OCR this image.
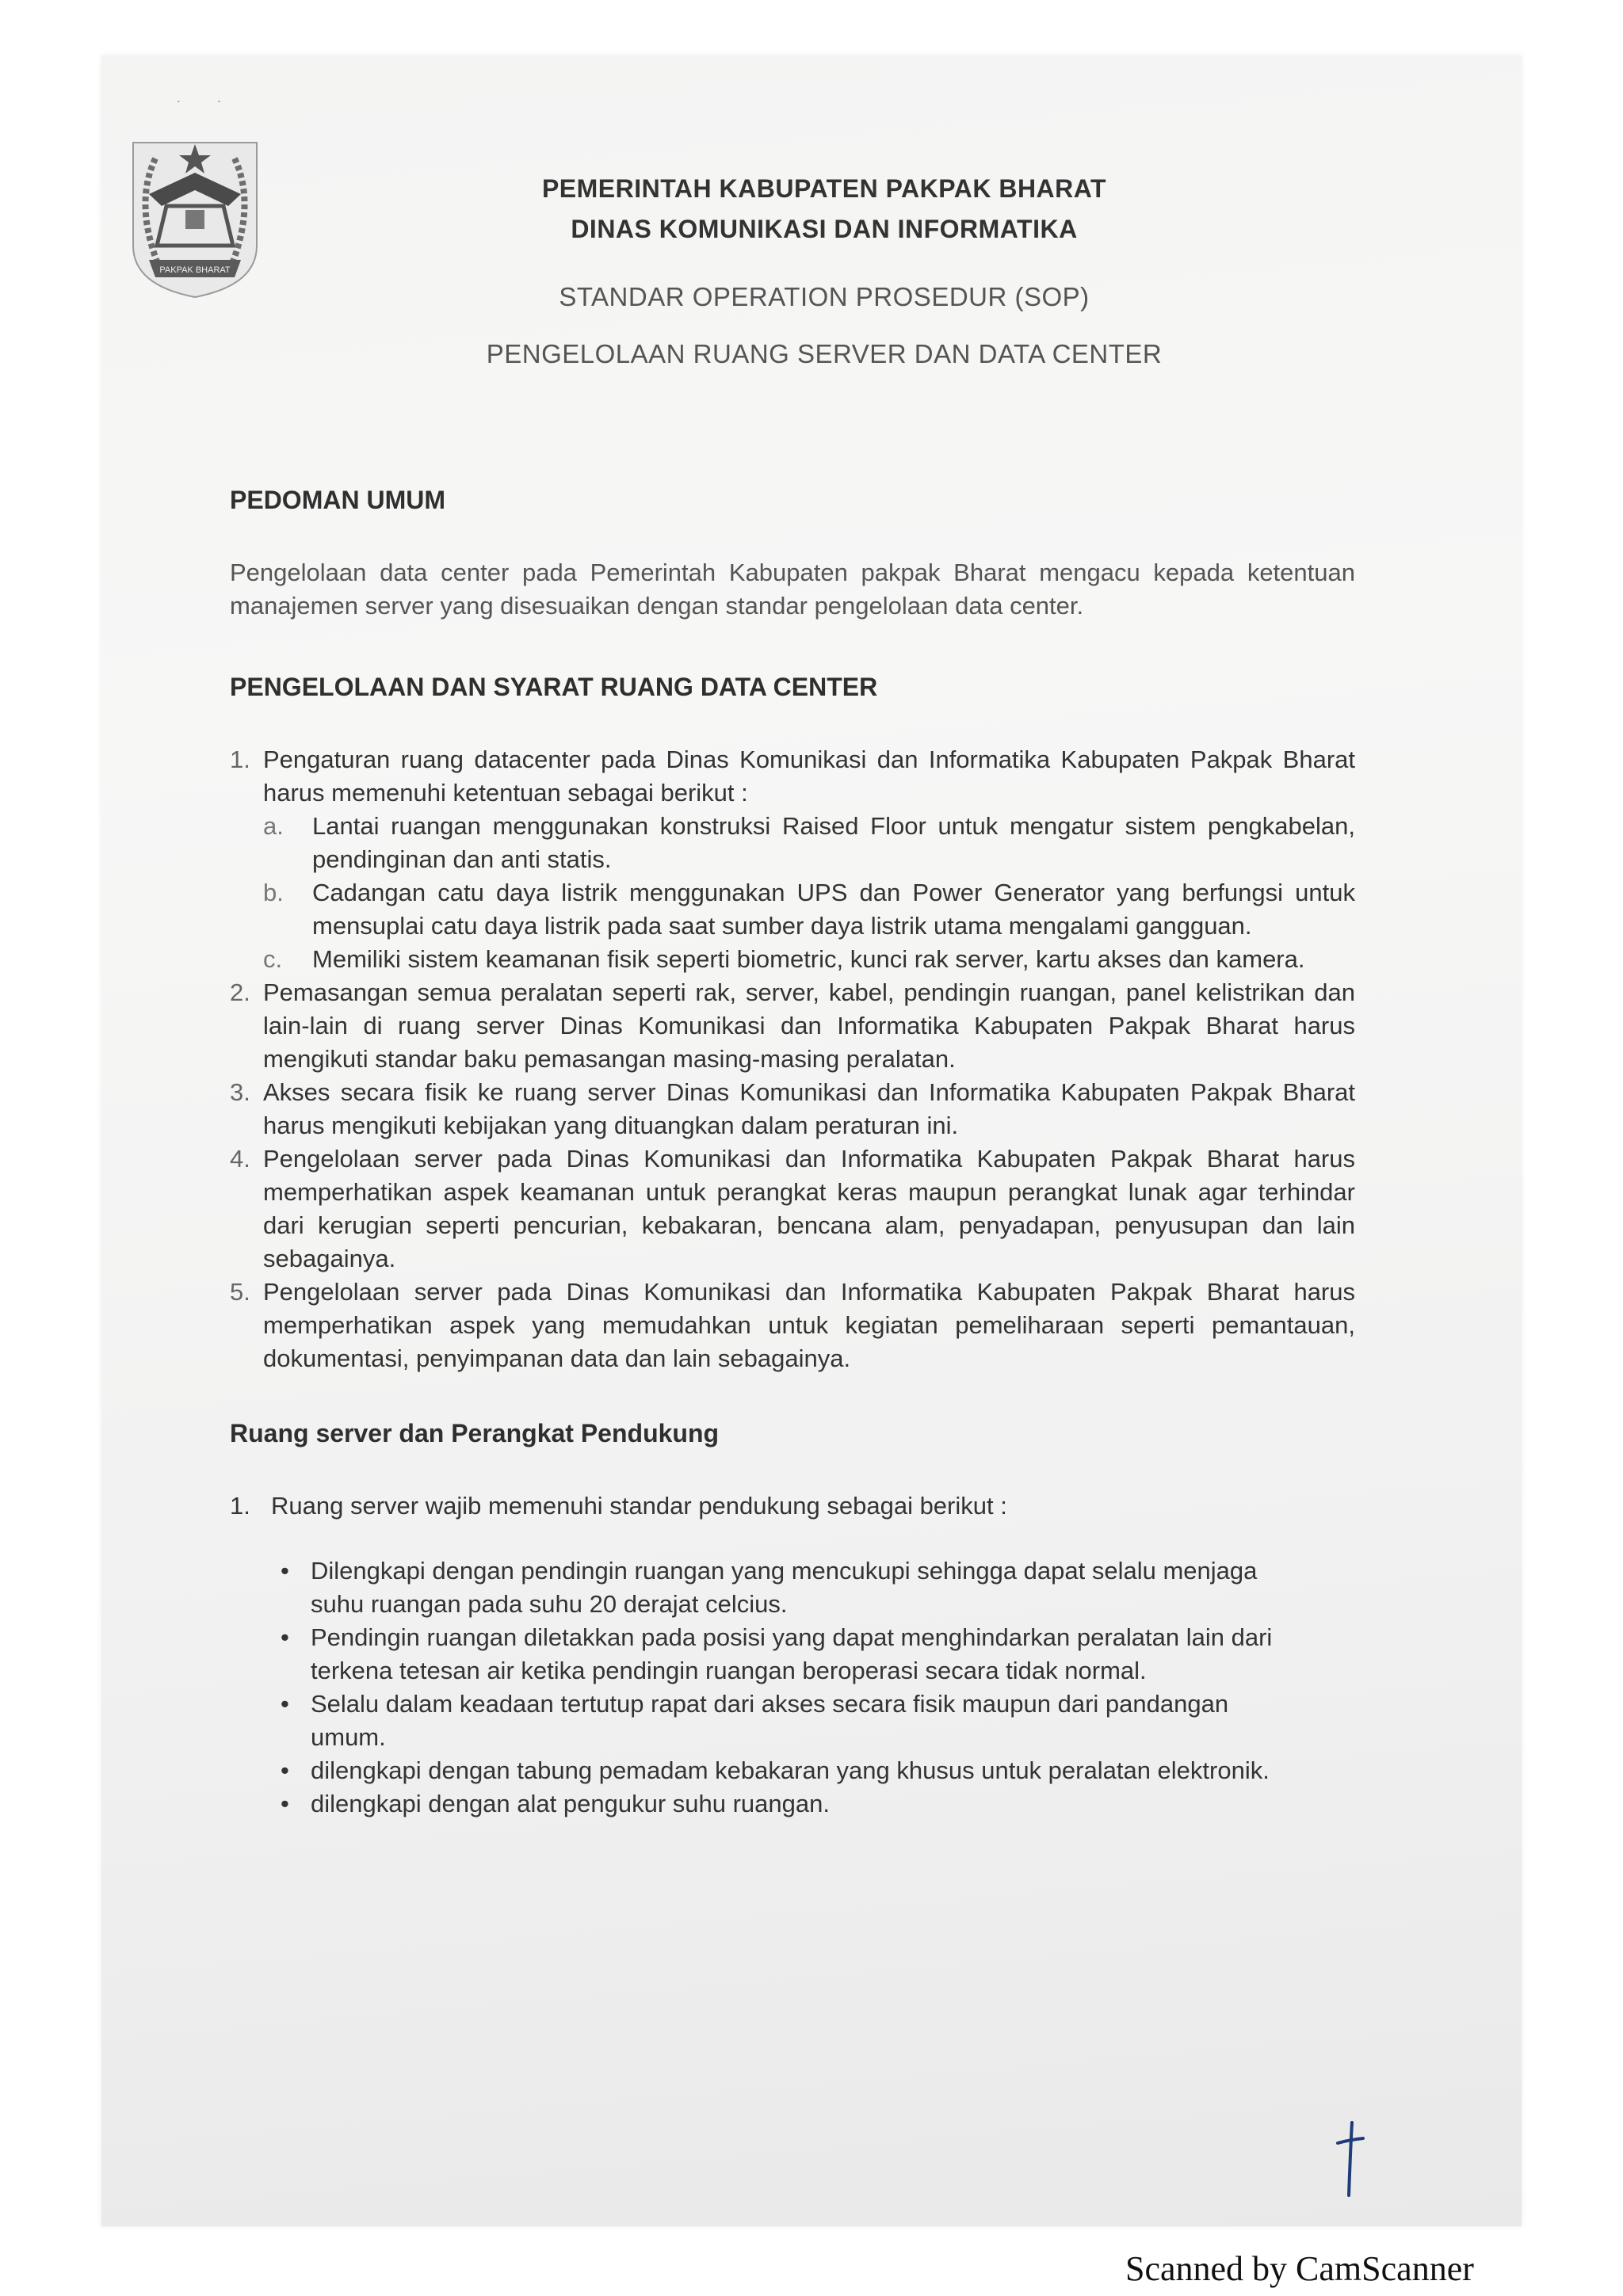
˙        ˙
PAKPAK BHARAT
PEMERINTAH KABUPATEN PAKPAK BHARAT
DINAS KOMUNIKASI DAN INFORMATIKA
STANDAR OPERATION PROSEDUR (SOP)
PENGELOLAAN RUANG SERVER DAN DATA CENTER
PEDOMAN UMUM

Pengelolaan data center pada Pemerintah Kabupaten pakpak Bharat mengacu kepada ketentuan manajemen server yang disesuaikan dengan standar pengelolaan data center.

PENGELOLAAN DAN SYARAT RUANG DATA CENTER
1. Pengaturan ruang datacenter pada Dinas Komunikasi dan Informatika Kabupaten Pakpak Bharat harus memenuhi ketentuan sebagai berikut :
a. Lantai ruangan menggunakan konstruksi Raised Floor untuk mengatur sistem pengkabelan, pendinginan dan anti statis.
b. Cadangan catu daya listrik menggunakan UPS dan Power Generator yang berfungsi untuk mensuplai catu daya listrik pada saat sumber daya listrik utama mengalami gangguan.
c. Memiliki sistem keamanan fisik seperti biometric, kunci rak server, kartu akses dan kamera.
2. Pemasangan semua peralatan seperti rak, server, kabel, pendingin ruangan, panel kelistrikan dan lain-lain di ruang server Dinas Komunikasi dan Informatika Kabupaten Pakpak Bharat harus mengikuti standar baku pemasangan masing-masing peralatan.
3. Akses secara fisik ke ruang server Dinas Komunikasi dan Informatika Kabupaten Pakpak Bharat harus mengikuti kebijakan yang dituangkan dalam peraturan ini.
4. Pengelolaan server pada Dinas Komunikasi dan Informatika Kabupaten Pakpak Bharat harus memperhatikan aspek keamanan untuk perangkat keras maupun perangkat lunak agar terhindar dari kerugian seperti pencurian, kebakaran, bencana alam, penyadapan, penyusupan dan lain sebagainya.
5. Pengelolaan server pada Dinas Komunikasi dan Informatika Kabupaten Pakpak Bharat harus memperhatikan aspek yang memudahkan untuk kegiatan pemeliharaan seperti pemantauan, dokumentasi, penyimpanan data dan lain sebagainya.
Ruang server dan Perangkat Pendukung
1. Ruang server wajib memenuhi standar pendukung sebagai berikut :
• Dilengkapi dengan pendingin ruangan yang mencukupi sehingga dapat selalu menjaga suhu ruangan pada suhu 20 derajat celcius.
• Pendingin ruangan diletakkan pada posisi yang dapat menghindarkan peralatan lain dari terkena tetesan air ketika pendingin ruangan beroperasi secara tidak normal.
• Selalu dalam keadaan tertutup rapat dari akses secara fisik maupun dari pandangan umum.
• dilengkapi dengan tabung pemadam kebakaran yang khusus untuk peralatan elektronik.
• dilengkapi dengan alat pengukur suhu ruangan.
Scanned by CamScanner
